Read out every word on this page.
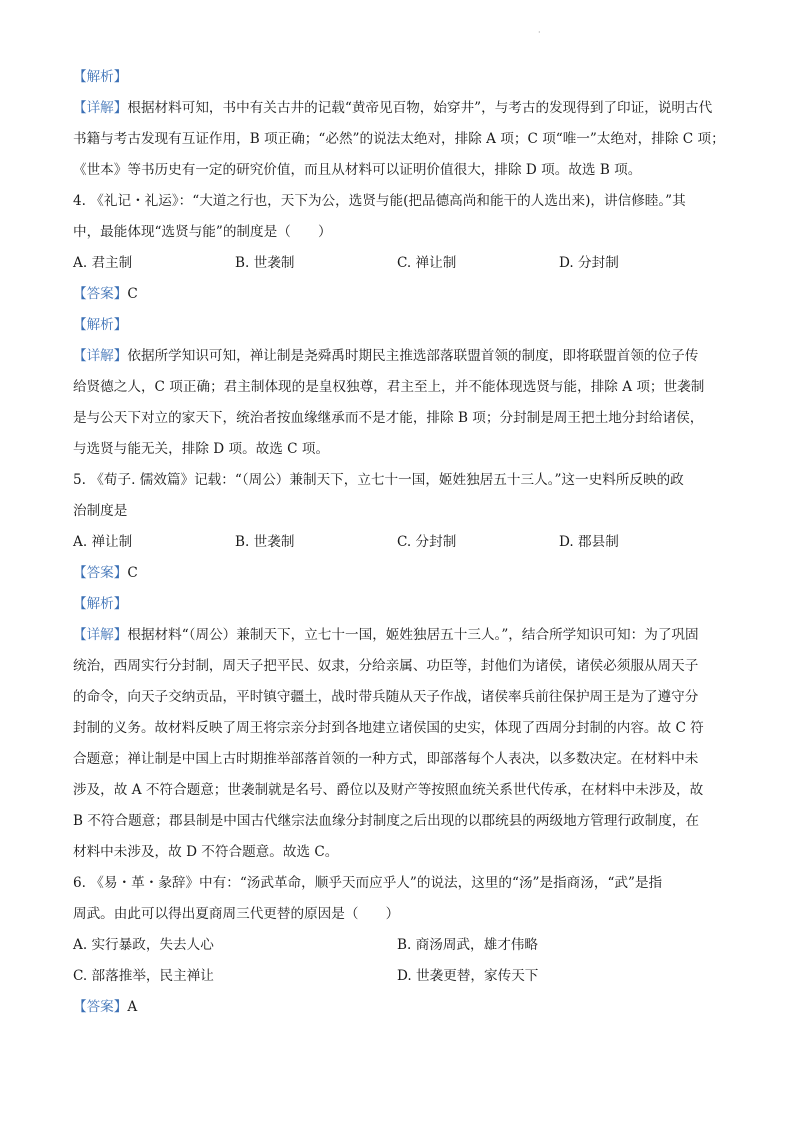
·
【解析】
【详解】根据材料可知，书中有关古井的记载“黄帝见百物，始穿井”，与考古的发现得到了印证，说明古代
书籍与考古发现有互证作用，B 项正确；“必然”的说法太绝对，排除 A 项；C 项“唯一”太绝对，排除 C 项；
《世本》等书历史有一定的研究价值，而且从材料可以证明价值很大，排除 D 项。故选 B 项。
4. 《礼记・礼运》：“大道之行也，天下为公，选贤与能(把品德高尚和能干的人选出来)，讲信修睦。”其
中，最能体现“选贤与能”的制度是（　　）
A. 君主制	B. 世袭制	C. 禅让制	D. 分封制
【答案】C
【解析】
【详解】依据所学知识可知，禅让制是尧舜禹时期民主推选部落联盟首领的制度，即将联盟首领的位子传
给贤德之人，C 项正确；君主制体现的是皇权独尊，君主至上，并不能体现选贤与能，排除 A 项；世袭制
是与公天下对立的家天下，统治者按血缘继承而不是才能，排除 B 项；分封制是周王把土地分封给诸侯，
与选贤与能无关，排除 D 项。故选 C 项。
5. 《荀子. 儒效篇》记载：“（周公）兼制天下，立七十一国，姬姓独居五十三人。”这一史料所反映的政
治制度是
A. 禅让制	B. 世袭制	C. 分封制	D. 郡县制
【答案】C
【解析】
【详解】根据材料“（周公）兼制天下，立七十一国，姬姓独居五十三人。”，结合所学知识可知：为了巩固
统治，西周实行分封制，周天子把平民、奴隶，分给亲属、功臣等，封他们为诸侯，诸侯必须服从周天子
的命令，向天子交纳贡品，平时镇守疆土，战时带兵随从天子作战，诸侯率兵前往保护周王是为了遵守分
封制的义务。故材料反映了周王将宗亲分封到各地建立诸侯国的史实，体现了西周分封制的内容。故 C 符
合题意；禅让制是中国上古时期推举部落首领的一种方式，即部落每个人表决，以多数决定。在材料中未
涉及，故 A 不符合题意；世袭制就是名号、爵位以及财产等按照血统关系世代传承，在材料中未涉及，故
B 不符合题意；郡县制是中国古代继宗法血缘分封制度之后出现的以郡统县的两级地方管理行政制度，在
材料中未涉及，故 D 不符合题意。故选 C。
6. 《易・革・彖辞》中有：“汤武革命，顺乎天而应乎人”的说法，这里的“汤”是指商汤，“武”是指
周武。由此可以得出夏商周三代更替的原因是（　　）
A. 实行暴政，失去人心	B. 商汤周武，雄才伟略
C. 部落推举，民主禅让	D. 世袭更替，家传天下
【答案】A
